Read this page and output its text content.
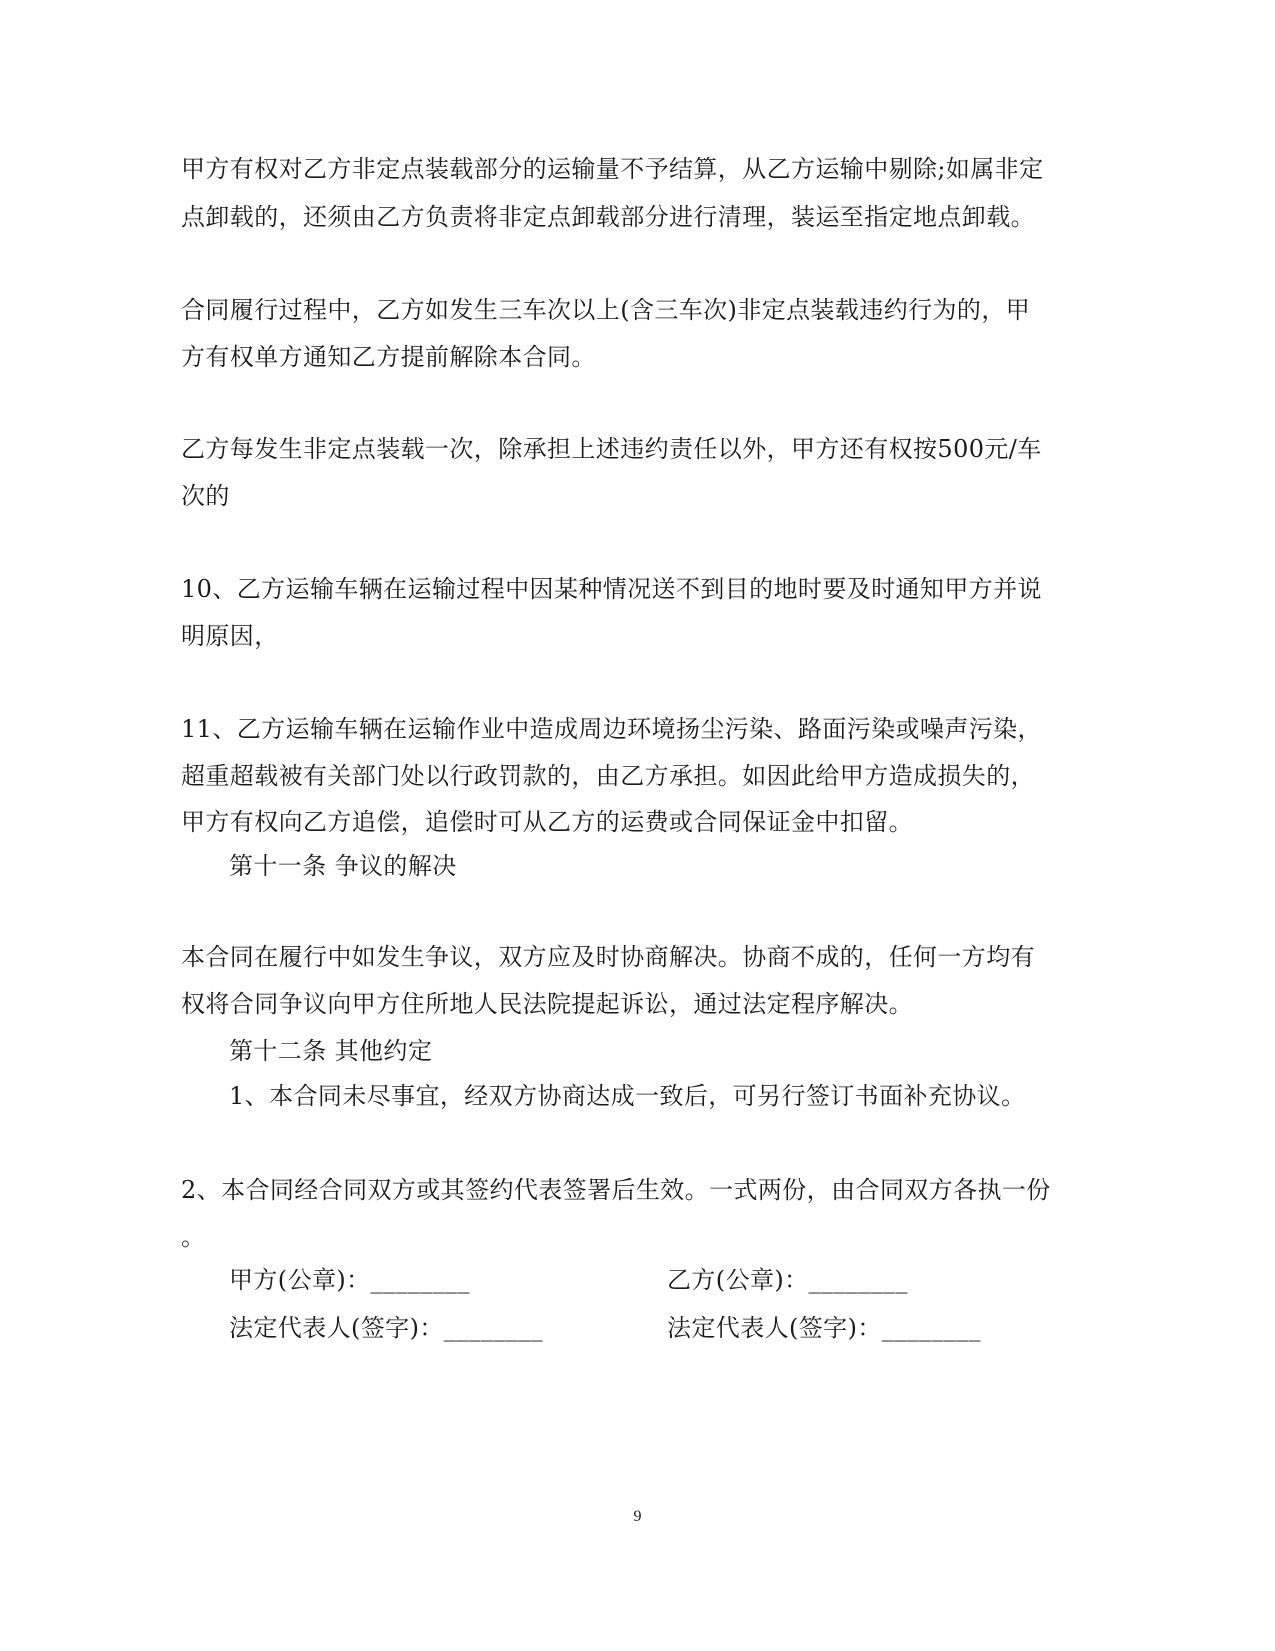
甲方有权对乙方非定点装载部分的运输量不予结算，从乙方运输中剔除;如属非定
点卸载的，还须由乙方负责将非定点卸载部分进行清理，装运至指定地点卸载。
合同履行过程中，乙方如发生三车次以上(含三车次)非定点装载违约行为的，甲
方有权单方通知乙方提前解除本合同。
乙方每发生非定点装载一次，除承担上述违约责任以外，甲方还有权按500元/车
次的
10、乙方运输车辆在运输过程中因某种情况送不到目的地时要及时通知甲方并说
明原因，
11、乙方运输车辆在运输作业中造成周边环境扬尘污染、路面污染或噪声污染，
超重超载被有关部门处以行政罚款的，由乙方承担。如因此给甲方造成损失的，
甲方有权向乙方追偿，追偿时可从乙方的运费或合同保证金中扣留。
第十一条 争议的解决
本合同在履行中如发生争议，双方应及时协商解决。协商不成的，任何一方均有
权将合同争议向甲方住所地人民法院提起诉讼，通过法定程序解决。
第十二条 其他约定
1、本合同未尽事宜，经双方协商达成一致后，可另行签订书面补充协议。
2、本合同经合同双方或其签约代表签署后生效。一式两份，由合同双方各执一份
。
甲方(公章)：________	乙方(公章)：________
法定代表人(签字)：________	法定代表人(签字)：________
9
